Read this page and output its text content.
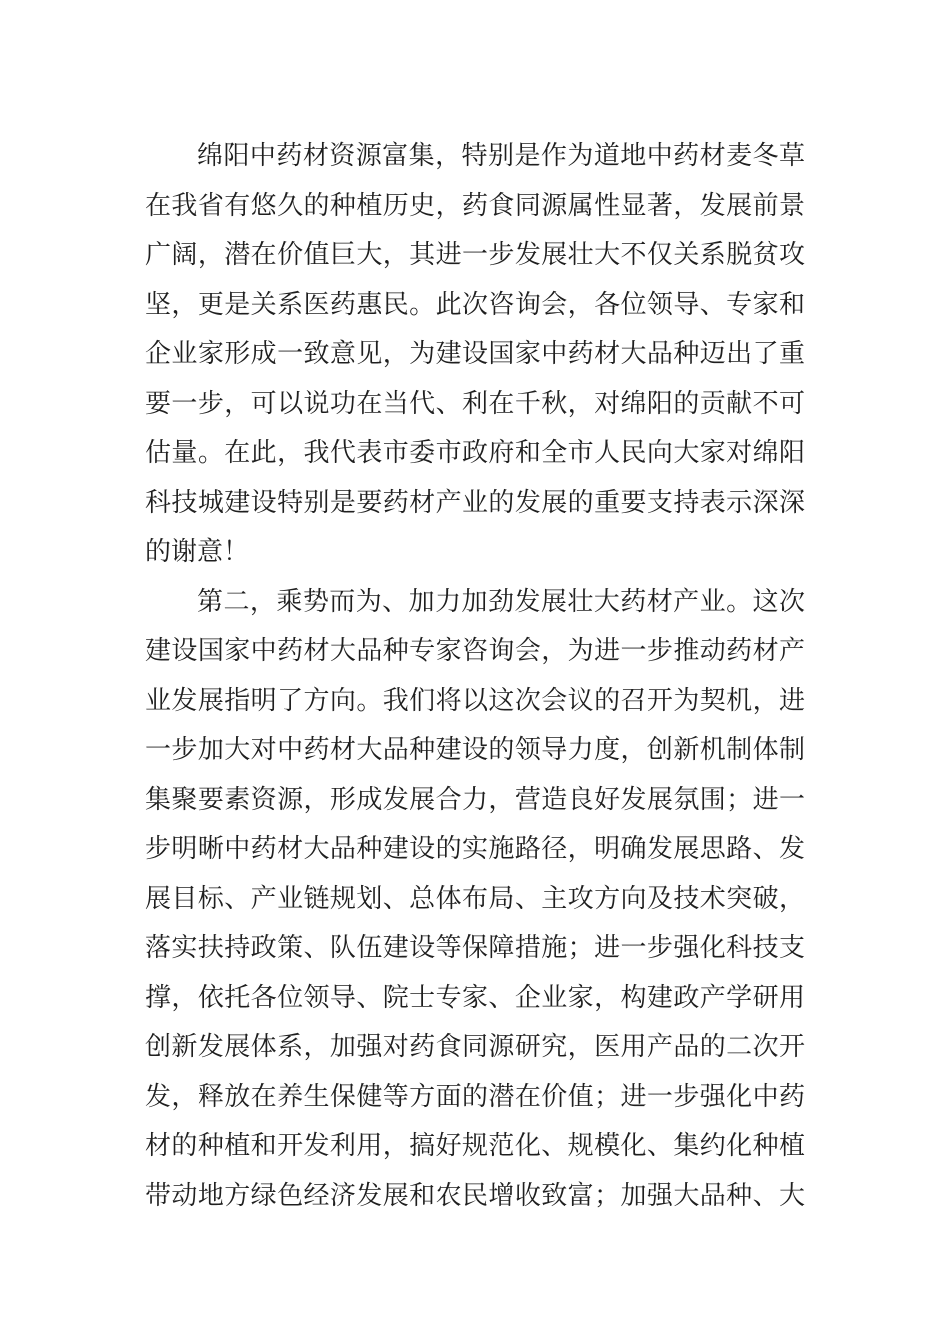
绵阳中药材资源富集，特别是作为道地中药材麦冬草
在我省有悠久的种植历史，药食同源属性显著，发展前景
广阔，潜在价值巨大，其进一步发展壮大不仅关系脱贫攻
坚，更是关系医药惠民。此次咨询会，各位领导、专家和
企业家形成一致意见，为建设国家中药材大品种迈出了重
要一步，可以说功在当代、利在千秋，对绵阳的贡献不可
估量。在此，我代表市委市政府和全市人民向大家对绵阳
科技城建设特别是要药材产业的发展的重要支持表示深深
的谢意！
第二，乘势而为、加力加劲发展壮大药材产业。这次
建设国家中药材大品种专家咨询会，为进一步推动药材产
业发展指明了方向。我们将以这次会议的召开为契机，进
一步加大对中药材大品种建设的领导力度，创新机制体制
集聚要素资源，形成发展合力，营造良好发展氛围；进一
步明晰中药材大品种建设的实施路径，明确发展思路、发
展目标、产业链规划、总体布局、主攻方向及技术突破，
落实扶持政策、队伍建设等保障措施；进一步强化科技支
撑，依托各位领导、院士专家、企业家，构建政产学研用
创新发展体系，加强对药食同源研究，医用产品的二次开
发，释放在养生保健等方面的潜在价值；进一步强化中药
材的种植和开发利用，搞好规范化、规模化、集约化种植
带动地方绿色经济发展和农民增收致富；加强大品种、大
